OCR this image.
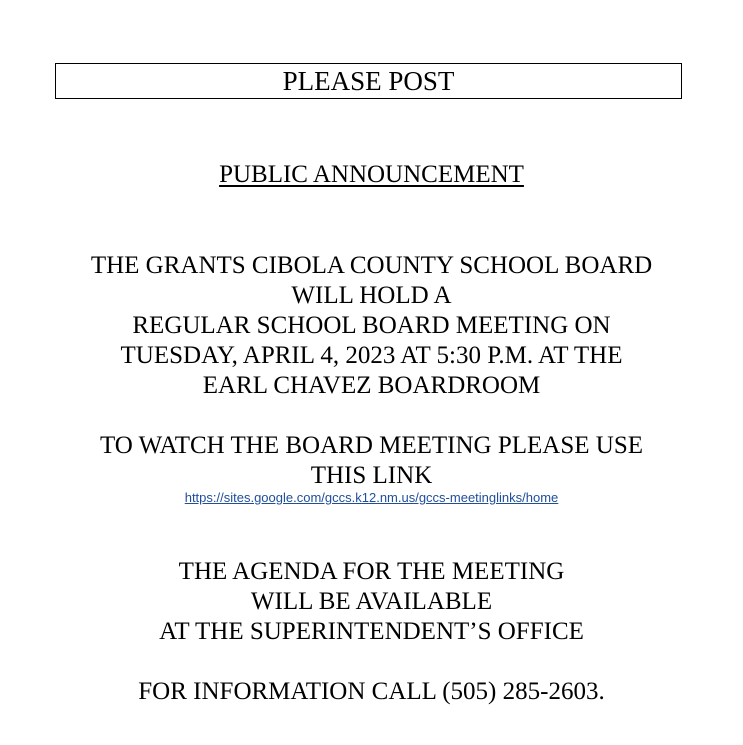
PLEASE POST
PUBLIC ANNOUNCEMENT
THE GRANTS CIBOLA COUNTY SCHOOL BOARD
WILL HOLD A
REGULAR SCHOOL BOARD MEETING ON
TUESDAY, APRIL 4, 2023 AT 5:30 P.M. AT THE
EARL CHAVEZ BOARDROOM
TO WATCH THE BOARD MEETING PLEASE USE
THIS LINK
https://sites.google.com/gccs.k12.nm.us/gccs-meetinglinks/home
THE AGENDA FOR THE MEETING
WILL BE AVAILABLE
AT THE SUPERINTENDENT’S OFFICE
FOR INFORMATION CALL (505) 285-2603.
